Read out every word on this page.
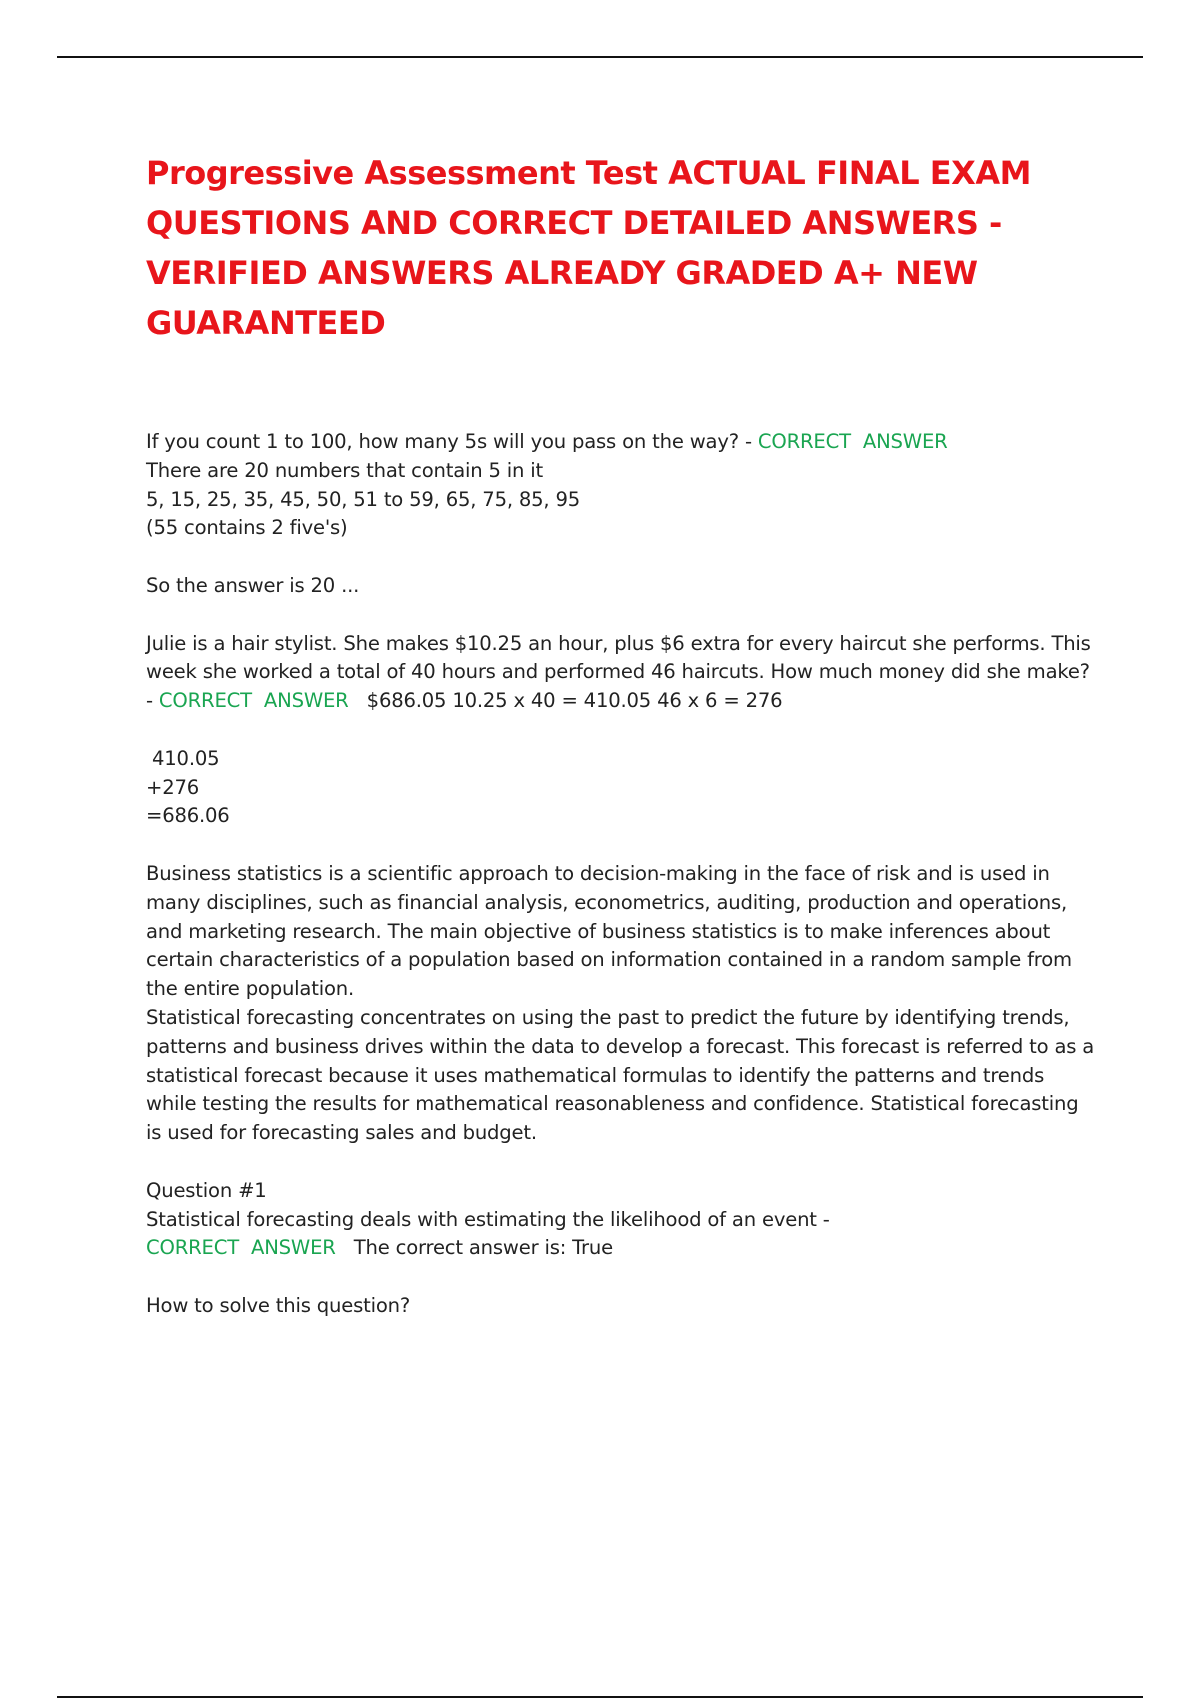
Progressive Assessment Test ACTUAL FINAL EXAM QUESTIONS AND CORRECT DETAILED ANSWERS - VERIFIED ANSWERS ALREADY GRADED A+ NEW GUARANTEED

If you count 1 to 100, how many 5s will you pass on the way? - CORRECT  ANSWER

There are 20 numbers that contain 5 in it

5, 15, 25, 35, 45, 50, 51 to 59, 65, 75, 85, 95

(55 contains 2 five's)

So the answer is 20 ...

Julie is a hair stylist. She makes $10.25 an hour, plus $6 extra for every haircut she performs. This week she worked a total of 40 hours and performed 46 haircuts. How much money did she make? - CORRECT  ANSWER   $686.05 10.25 x 40 = 410.05 46 x 6 = 276

410.05

+276

=686.06

Business statistics is a scientific approach to decision-making in the face of risk and is used in many disciplines, such as financial analysis, econometrics, auditing, production and operations, and marketing research. The main objective of business statistics is to make inferences about certain characteristics of a population based on information contained in a random sample from the entire population.

Statistical forecasting concentrates on using the past to predict the future by identifying trends, patterns and business drives within the data to develop a forecast. This forecast is referred to as a statistical forecast because it uses mathematical formulas to identify the patterns and trends while testing the results for mathematical reasonableness and confidence. Statistical forecasting is used for forecasting sales and budget.

Question #1

Statistical forecasting deals with estimating the likelihood of an event - CORRECT  ANSWER   The correct answer is: True

How to solve this question?
